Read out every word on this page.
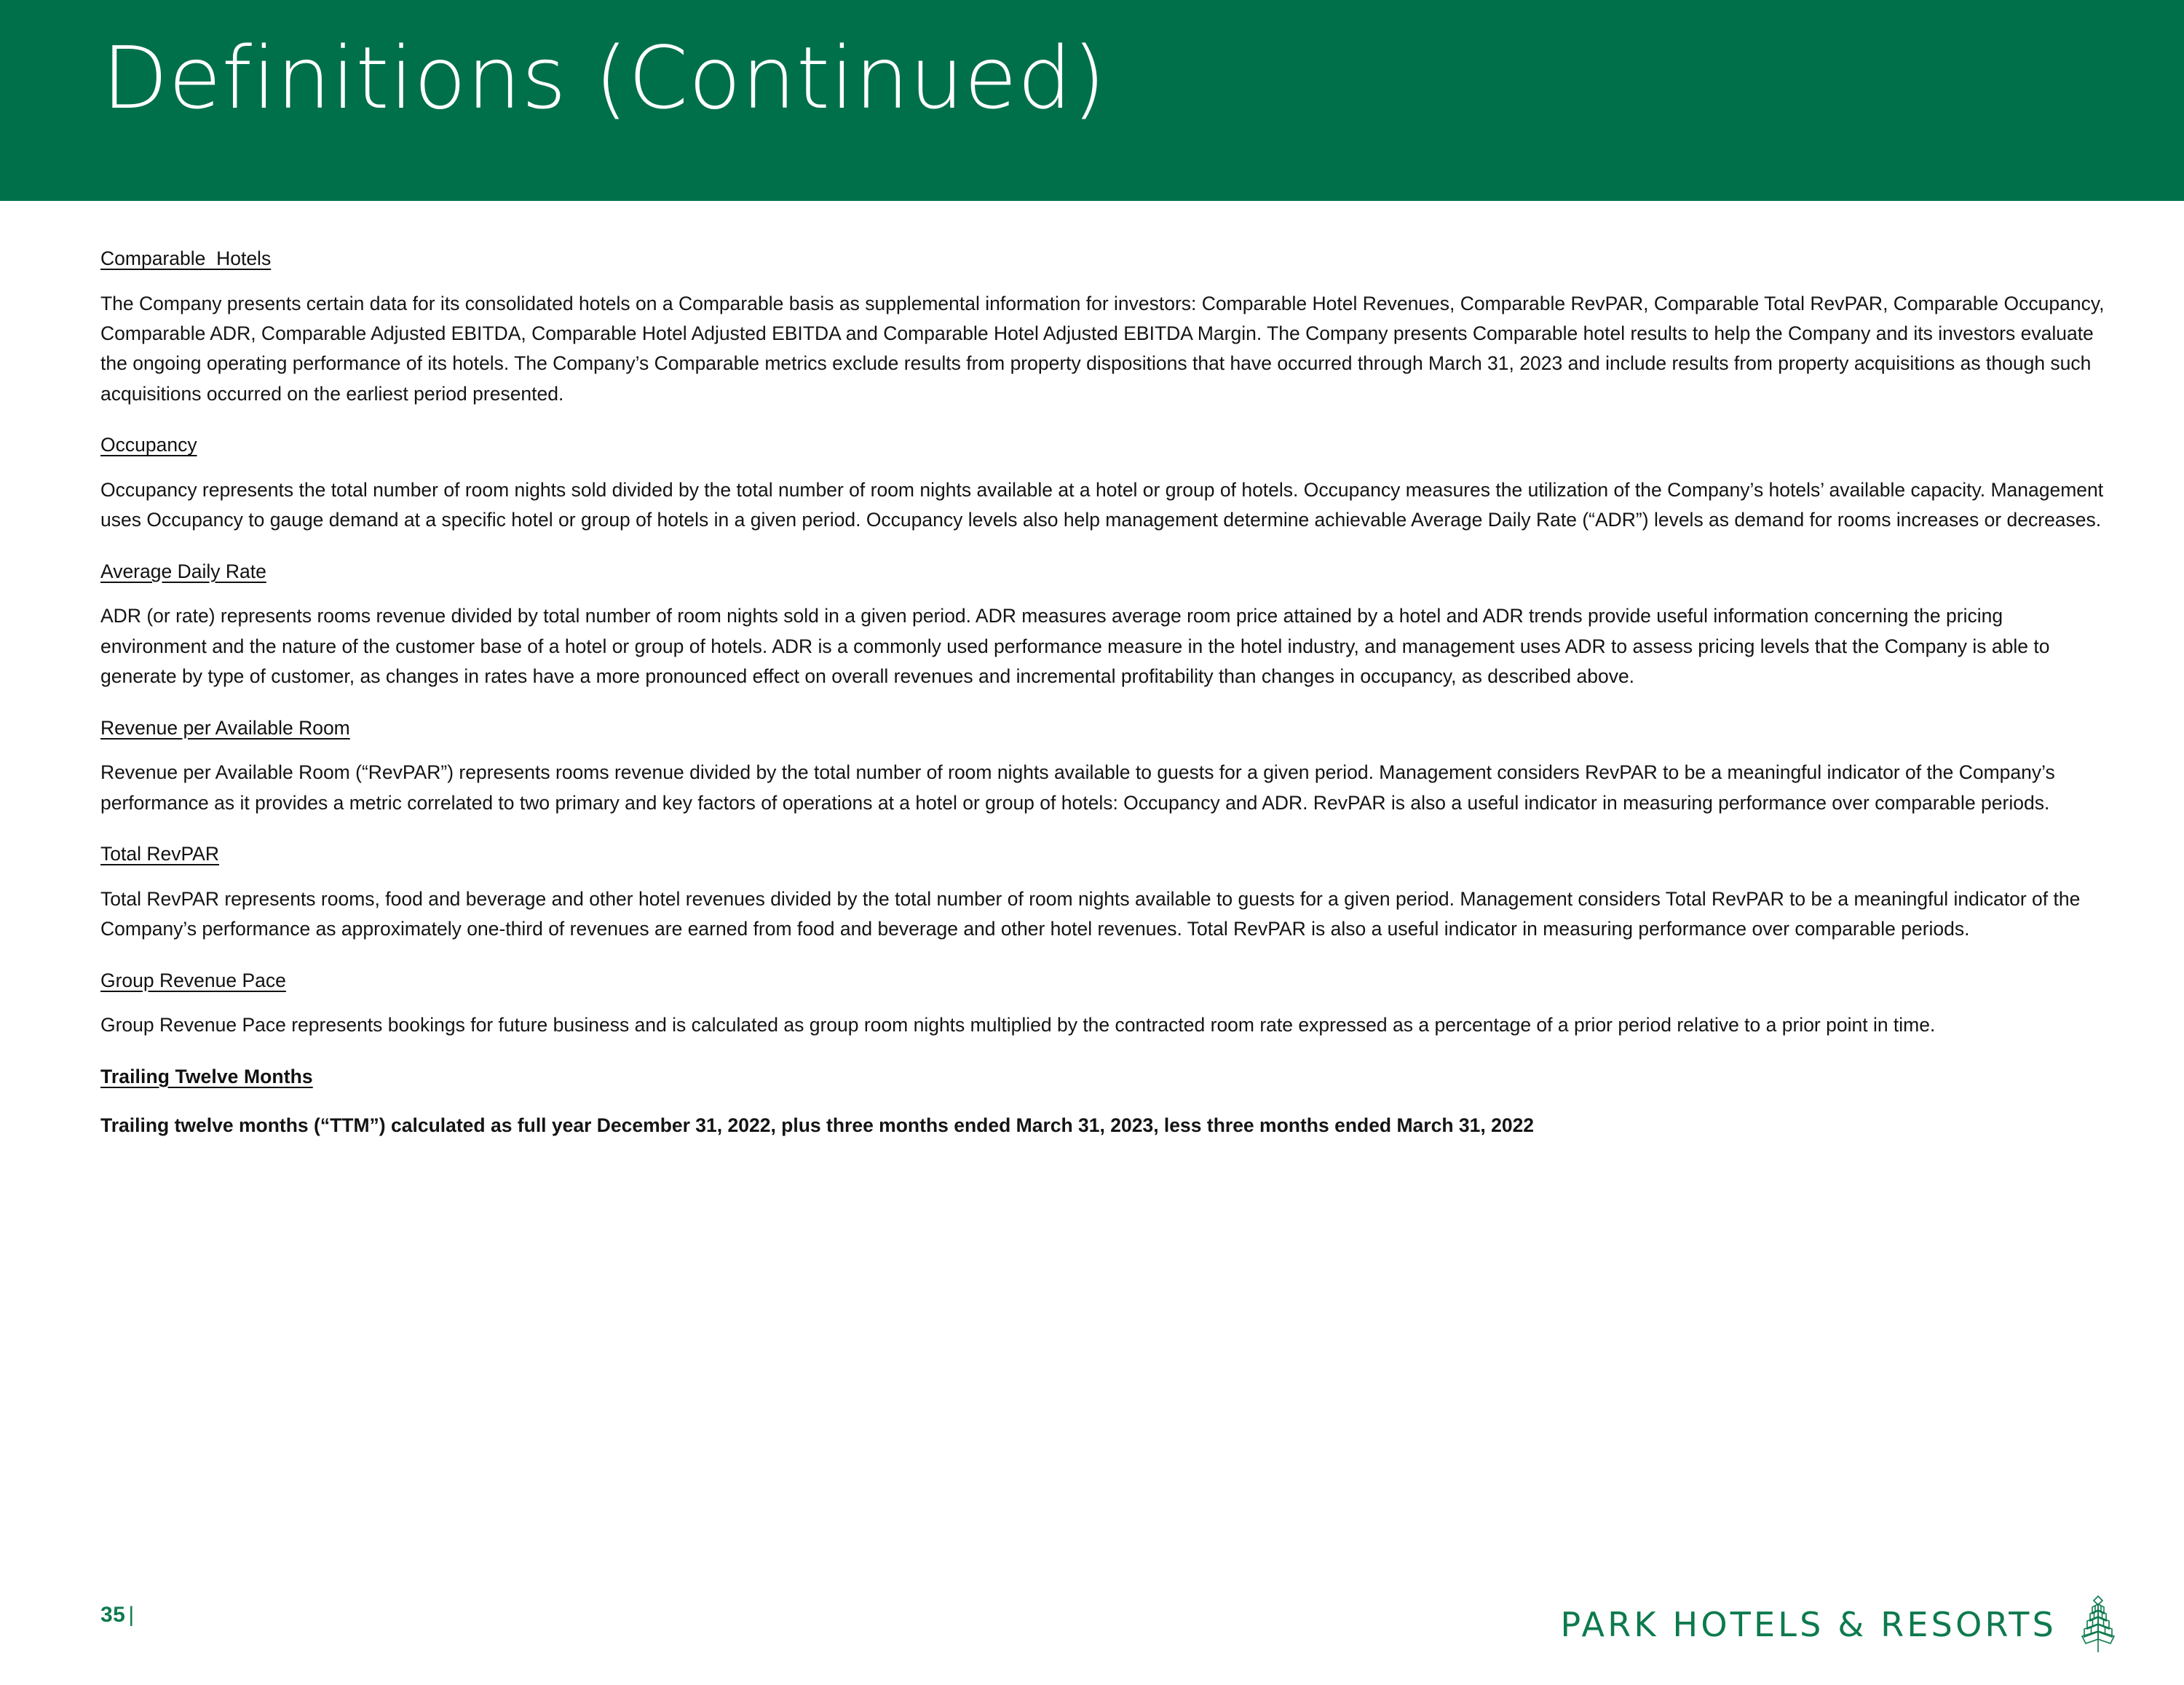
Definitions (Continued)
Comparable  Hotels
The Company presents certain data for its consolidated hotels on a Comparable basis as supplemental information for investors: Comparable Hotel Revenues, Comparable RevPAR, Comparable Total RevPAR, Comparable Occupancy, Comparable ADR, Comparable Adjusted EBITDA, Comparable Hotel Adjusted EBITDA and Comparable Hotel Adjusted EBITDA Margin. The Company presents Comparable hotel results to help the Company and its investors evaluate the ongoing operating performance of its hotels. The Company’s Comparable metrics exclude results from property dispositions that have occurred through March 31, 2023 and include results from property acquisitions as though such acquisitions occurred on the earliest period presented.
Occupancy
Occupancy represents the total number of room nights sold divided by the total number of room nights available at a hotel or group of hotels. Occupancy measures the utilization of the Company’s hotels’ available capacity. Management uses Occupancy to gauge demand at a specific hotel or group of hotels in a given period. Occupancy levels also help management determine achievable Average Daily Rate (“ADR”) levels as demand for rooms increases or decreases.
Average Daily Rate
ADR (or rate) represents rooms revenue divided by total number of room nights sold in a given period. ADR measures average room price attained by a hotel and ADR trends provide useful information concerning the pricing environment and the nature of the customer base of a hotel or group of hotels. ADR is a commonly used performance measure in the hotel industry, and management uses ADR to assess pricing levels that the Company is able to generate by type of customer, as changes in rates have a more pronounced effect on overall revenues and incremental profitability than changes in occupancy, as described above.
Revenue per Available Room
Revenue per Available Room (“RevPAR”) represents rooms revenue divided by the total number of room nights available to guests for a given period. Management considers RevPAR to be a meaningful indicator of the Company’s performance as it provides a metric correlated to two primary and key factors of operations at a hotel or group of hotels: Occupancy and ADR. RevPAR is also a useful indicator in measuring performance over comparable periods.
Total RevPAR
Total RevPAR represents rooms, food and beverage and other hotel revenues divided by the total number of room nights available to guests for a given period. Management considers Total RevPAR to be a meaningful indicator of the Company’s performance as approximately one-third of revenues are earned from food and beverage and other hotel revenues. Total RevPAR is also a useful indicator in measuring performance over comparable periods.
Group Revenue Pace
Group Revenue Pace represents bookings for future business and is calculated as group room nights multiplied by the contracted room rate expressed as a percentage of a prior period relative to a prior point in time.
Trailing Twelve Months
Trailing twelve months (“TTM”) calculated as full year December 31, 2022, plus three months ended March 31, 2023, less three months ended March 31, 2022
35 |	PARK HOTELS & RESORTS
